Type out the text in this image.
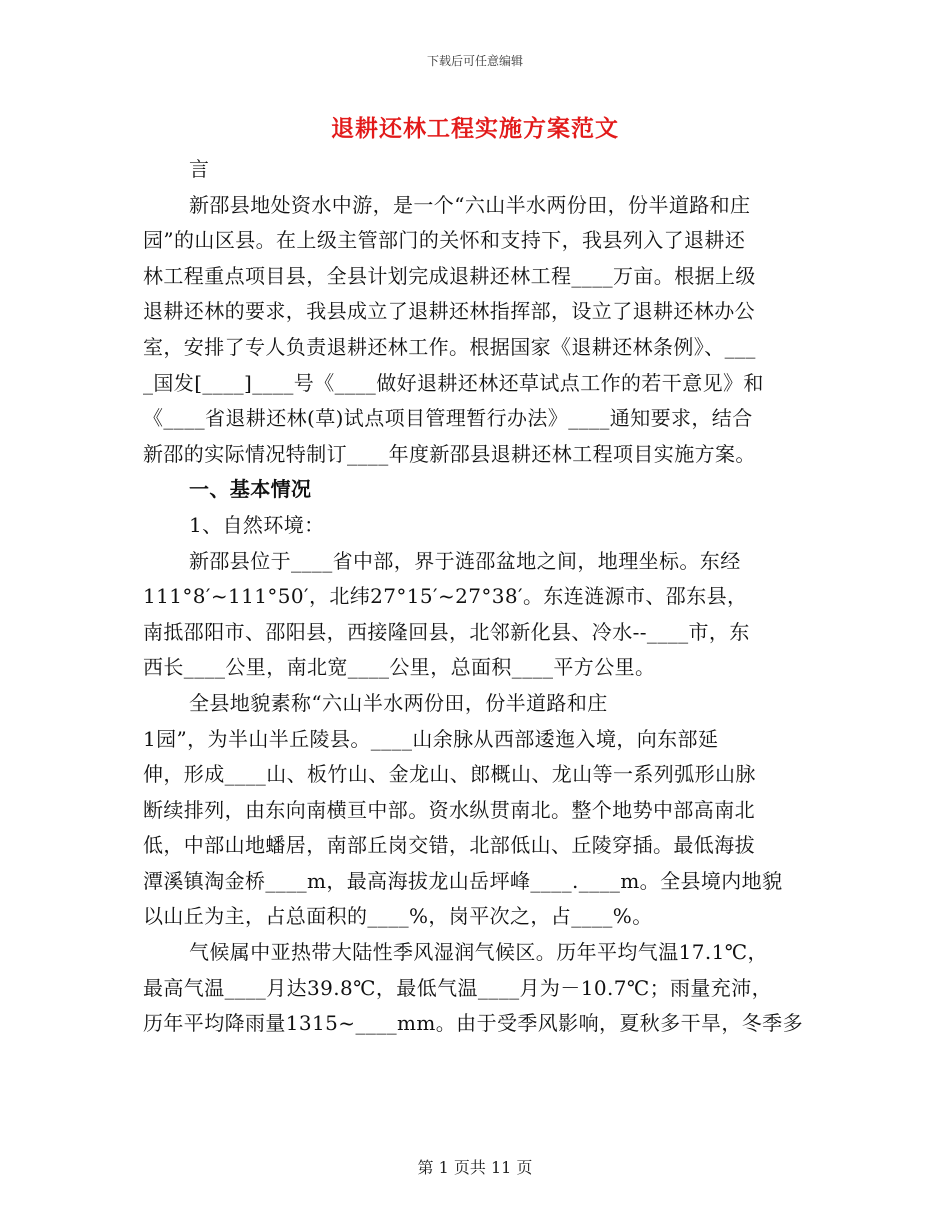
下载后可任意编辑
退耕还林工程实施方案范文

言

新邵县地处资水中游，是一个“六山半水两份田，份半道路和庄

园”的山区县。在上级主管部门的关怀和支持下，我县列入了退耕还

林工程重点项目县，全县计划完成退耕还林工程____万亩。根据上级

退耕还林的要求，我县成立了退耕还林指挥部，设立了退耕还林办公

室，安排了专人负责退耕还林工作。根据国家《退耕还林条例》、___

_国发[____]____号《____做好退耕还林还草试点工作的若干意见》和

《____省退耕还林(草)试点项目管理暂行办法》____通知要求，结合

新邵的实际情况特制订____年度新邵县退耕还林工程项目实施方案。

一、基本情况

1、自然环境：

新邵县位于____省中部，界于涟邵盆地之间，地理坐标。东经

111°8′~111°50′，北纬27°15′~27°38′。东连涟源市、邵东县，

南抵邵阳市、邵阳县，西接隆回县，北邻新化县、冷水--____市，东

西长____公里，南北宽____公里，总面积____平方公里。

全县地貌素称“六山半水两份田，份半道路和庄

1园”，为半山半丘陵县。____山余脉从西部逶迤入境，向东部延

伸，形成____山、板竹山、金龙山、郎概山、龙山等一系列弧形山脉

断续排列，由东向南横亘中部。资水纵贯南北。整个地势中部高南北

低，中部山地蟠居，南部丘岗交错，北部低山、丘陵穿插。最低海拔

潭溪镇淘金桥____m，最高海拔龙山岳坪峰____.____m。全县境内地貌

以山丘为主，占总面积的____%，岗平次之，占____%。

气候属中亚热带大陆性季风湿润气候区。历年平均气温17.1℃，

最高气温____月达39.8℃，最低气温____月为－10.7℃；雨量充沛，

历年平均降雨量1315~____mm。由于受季风影响，夏秋多干旱，冬季多

第 1 页共 11 页
